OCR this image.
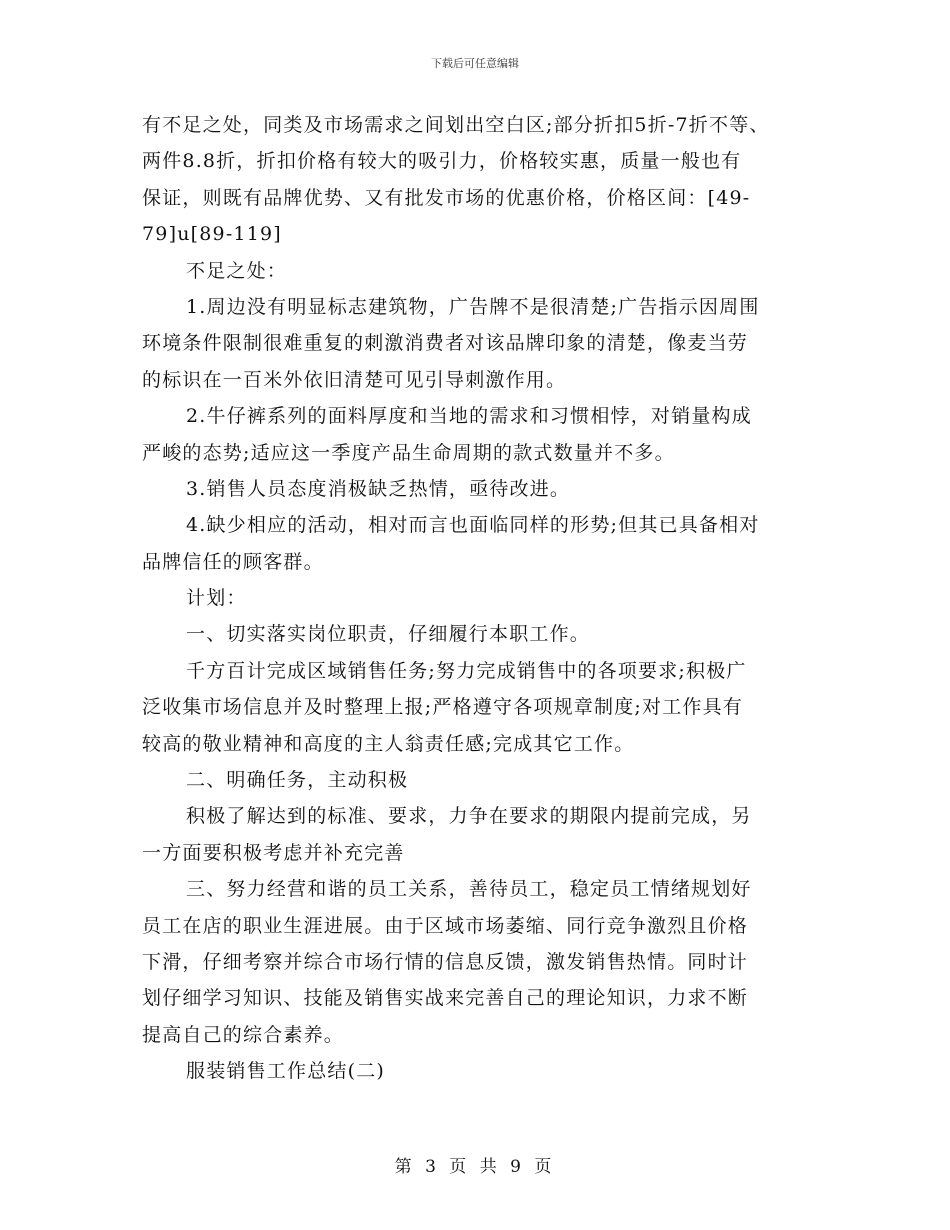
下载后可任意编辑
有不足之处，同类及市场需求之间划出空白区;部分折扣5折-7折不等、
两件8.8折，折扣价格有较大的吸引力，价格较实惠，质量一般也有
保证，则既有品牌优势、又有批发市场的优惠价格，价格区间：[49-
79]u[89-119]
不足之处：
1.周边没有明显标志建筑物，广告牌不是很清楚;广告指示因周围
环境条件限制很难重复的刺激消费者对该品牌印象的清楚，像麦当劳
的标识在一百米外依旧清楚可见引导刺激作用。
2.牛仔裤系列的面料厚度和当地的需求和习惯相悖，对销量构成
严峻的态势;适应这一季度产品生命周期的款式数量并不多。
3.销售人员态度消极缺乏热情，亟待改进。
4.缺少相应的活动，相对而言也面临同样的形势;但其已具备相对
品牌信任的顾客群。
计划：
一、切实落实岗位职责，仔细履行本职工作。
千方百计完成区域销售任务;努力完成销售中的各项要求;积极广
泛收集市场信息并及时整理上报;严格遵守各项规章制度;对工作具有
较高的敬业精神和高度的主人翁责任感;完成其它工作。
二、明确任务，主动积极
积极了解达到的标准、要求，力争在要求的期限内提前完成，另
一方面要积极考虑并补充完善
三、努力经营和谐的员工关系，善待员工，稳定员工情绪规划好
员工在店的职业生涯进展。由于区域市场萎缩、同行竞争激烈且价格
下滑，仔细考察并综合市场行情的信息反馈，激发销售热情。同时计
划仔细学习知识、技能及销售实战来完善自己的理论知识，力求不断
提高自己的综合素养。
服装销售工作总结(二)
第 3 页 共 9 页
